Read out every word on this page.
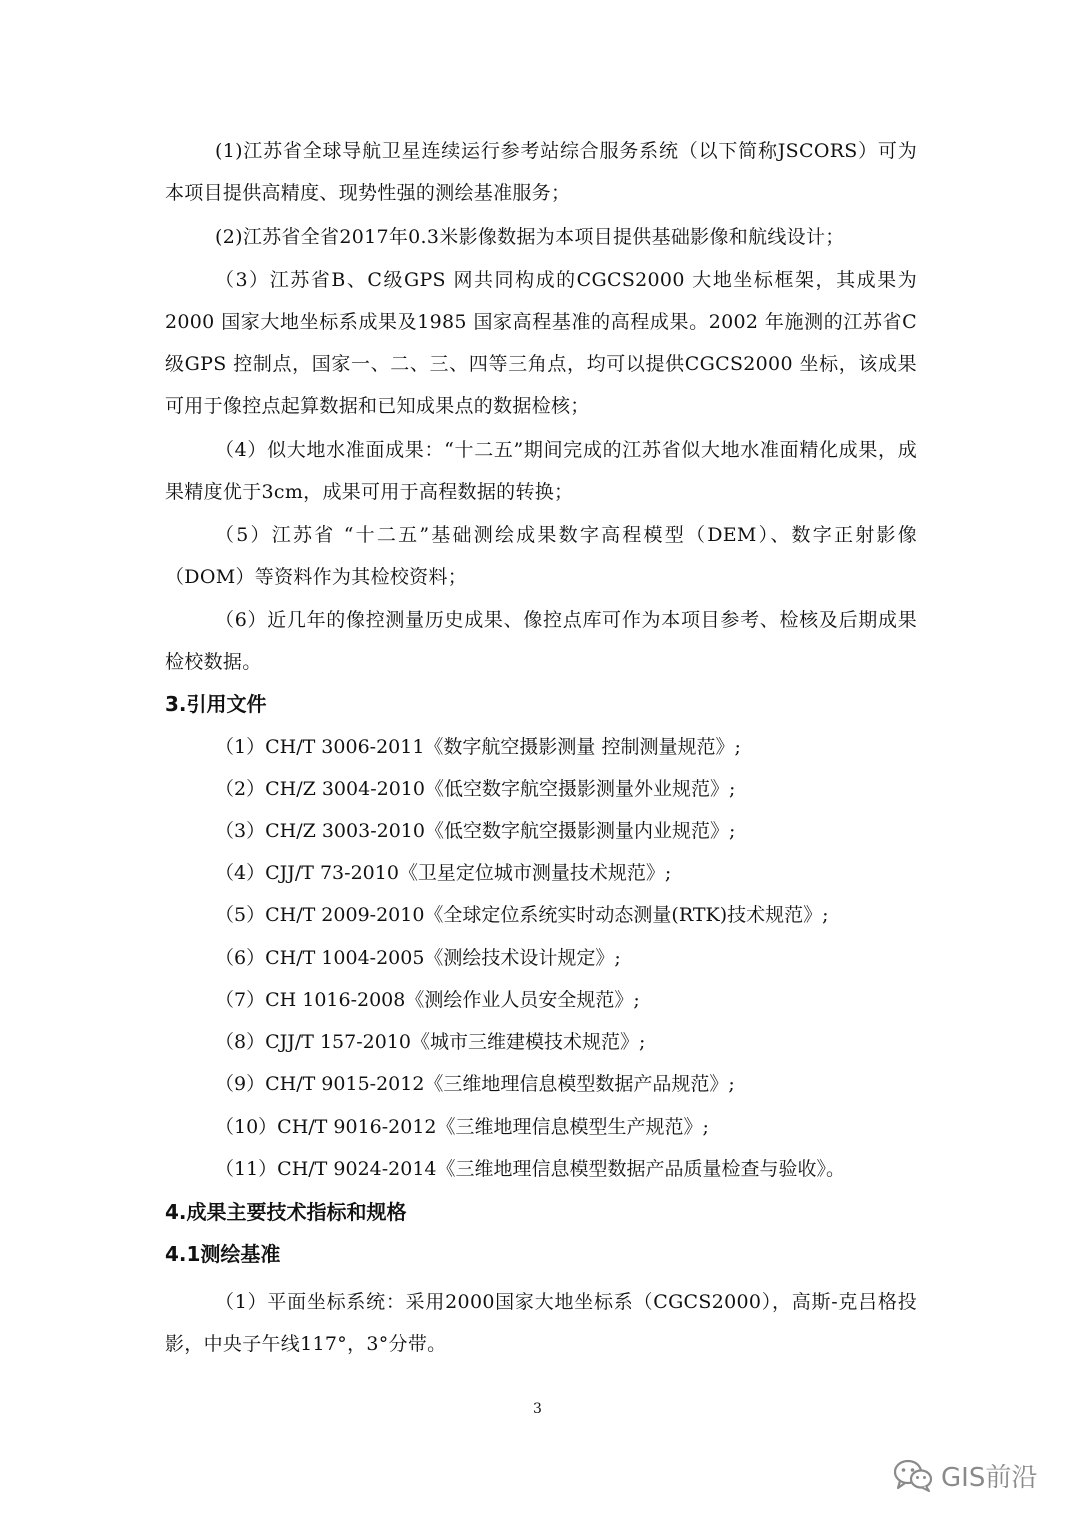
(1)江苏省全球导航卫星连续运行参考站综合服务系统（以下简称JSCORS）可为本项目提供高精度、现势性强的测绘基准服务；

(2)江苏省全省2017年0.3米影像数据为本项目提供基础影像和航线设计；

（3）江苏省B、C级GPS 网共同构成的CGCS2000 大地坐标框架，其成果为2000 国家大地坐标系成果及1985 国家高程基准的高程成果。2002 年施测的江苏省C 级GPS 控制点，国家一、二、三、四等三角点，均可以提供CGCS2000 坐标，该成果可用于像控点起算数据和已知成果点的数据检核；

（4）似大地水准面成果：“十二五”期间完成的江苏省似大地水准面精化成果，成果精度优于3cm，成果可用于高程数据的转换；

（5）江苏省 “十二五”基础测绘成果数字高程模型（DEM）、数字正射影像（DOM）等资料作为其检校资料；

（6）近几年的像控测量历史成果、像控点库可作为本项目参考、检核及后期成果检校数据。

3.引用文件

（1）CH/T 3006-2011《数字航空摄影测量 控制测量规范》;

（2）CH/Z 3004-2010《低空数字航空摄影测量外业规范》;

（3）CH/Z 3003-2010《低空数字航空摄影测量内业规范》;

（4）CJJ/T 73-2010《卫星定位城市测量技术规范》;

（5）CH/T 2009-2010《全球定位系统实时动态测量(RTK)技术规范》;

（6）CH/T 1004-2005《测绘技术设计规定》;

（7）CH 1016-2008《测绘作业人员安全规范》;

（8）CJJ/T 157-2010《城市三维建模技术规范》;

（9）CH/T 9015-2012《三维地理信息模型数据产品规范》;

（10）CH/T 9016-2012《三维地理信息模型生产规范》;

（11）CH/T 9024-2014《三维地理信息模型数据产品质量检查与验收》。

4.成果主要技术指标和规格
4.1测绘基准

（1）平面坐标系统：采用2000国家大地坐标系（CGCS2000），高斯-克吕格投影，中央子午线117°，3°分带。

3

GIS前沿
